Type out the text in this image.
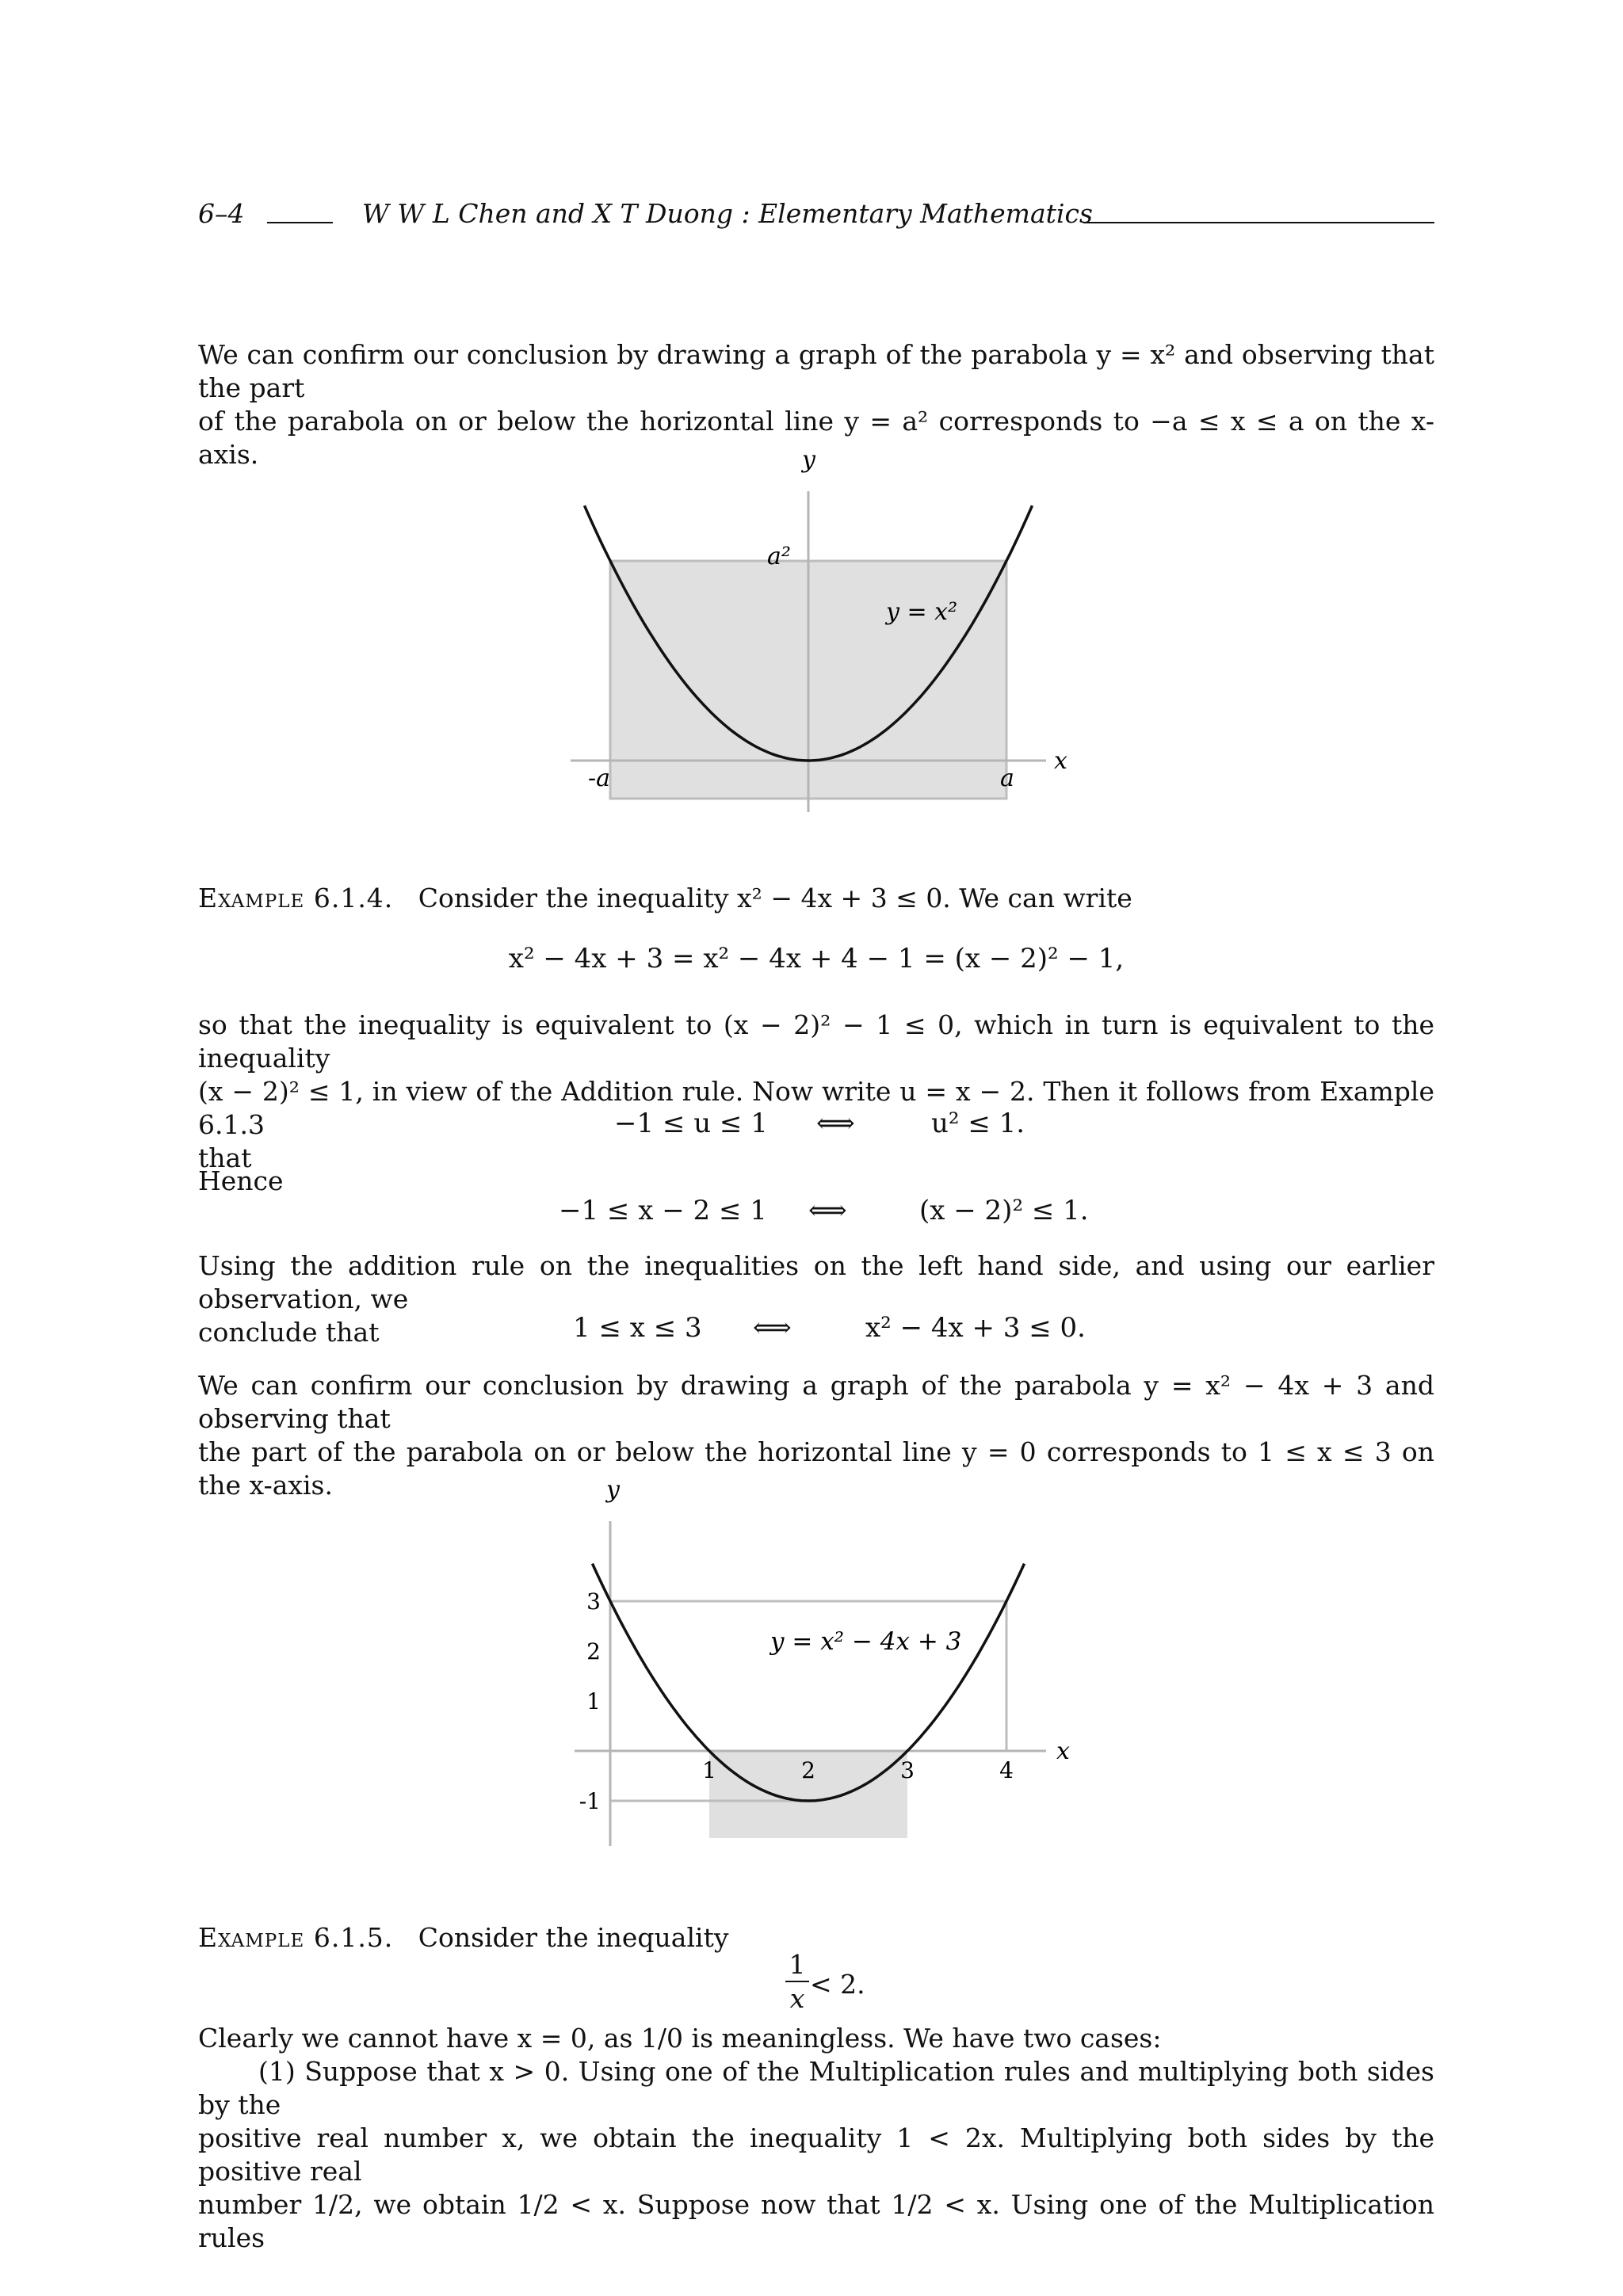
6–4	W W L Chen and X T Duong : Elementary Mathematics

We can confirm our conclusion by drawing a graph of the parabola y = x² and observing that the part

of the parabola on or below the horizontal line y = a² corresponds to −a ≤ x ≤ a on the x-axis.	y
x
a²
y = x²
-a	a

Example 6.1.4. Consider the inequality x² − 4x + 3 ≤ 0. We can write

x² − 4x + 3 = x² − 4x + 4 − 1 = (x − 2)² − 1,

so that the inequality is equivalent to (x − 2)² − 1 ≤ 0, which in turn is equivalent to the inequality

(x − 2)² ≤ 1, in view of the Addition rule. Now write u = x − 2. Then it follows from Example 6.1.3

that

−1 ≤ u ≤ 1 ⟺	u² ≤ 1.

Hence

−1 ≤ x − 2 ≤ 1 ⟺	(x − 2)² ≤ 1.

Using the addition rule on the inequalities on the left hand side, and using our earlier observation, we

conclude that	1 ≤ x ≤ 3 ⟺	x² − 4x + 3 ≤ 0.

We can confirm our conclusion by drawing a graph of the parabola y = x² − 4x + 3 and observing that

the part of the parabola on or below the horizontal line y = 0 corresponds to 1 ≤ x ≤ 3 on the x-axis.

3
2
1
-1
1	2	3	4
y
x
y = x² − 4x + 3

Example 6.1.5. Consider the inequality

1
x < 2.

Clearly we cannot have x = 0, as 1/0 is meaningless. We have two cases:

(1) Suppose that x > 0. Using one of the Multiplication rules and multiplying both sides by the

positive real number x, we obtain the inequality 1 < 2x. Multiplying both sides by the positive real

number 1/2, we obtain 1/2 < x. Suppose now that 1/2 < x. Using one of the Multiplication rules
